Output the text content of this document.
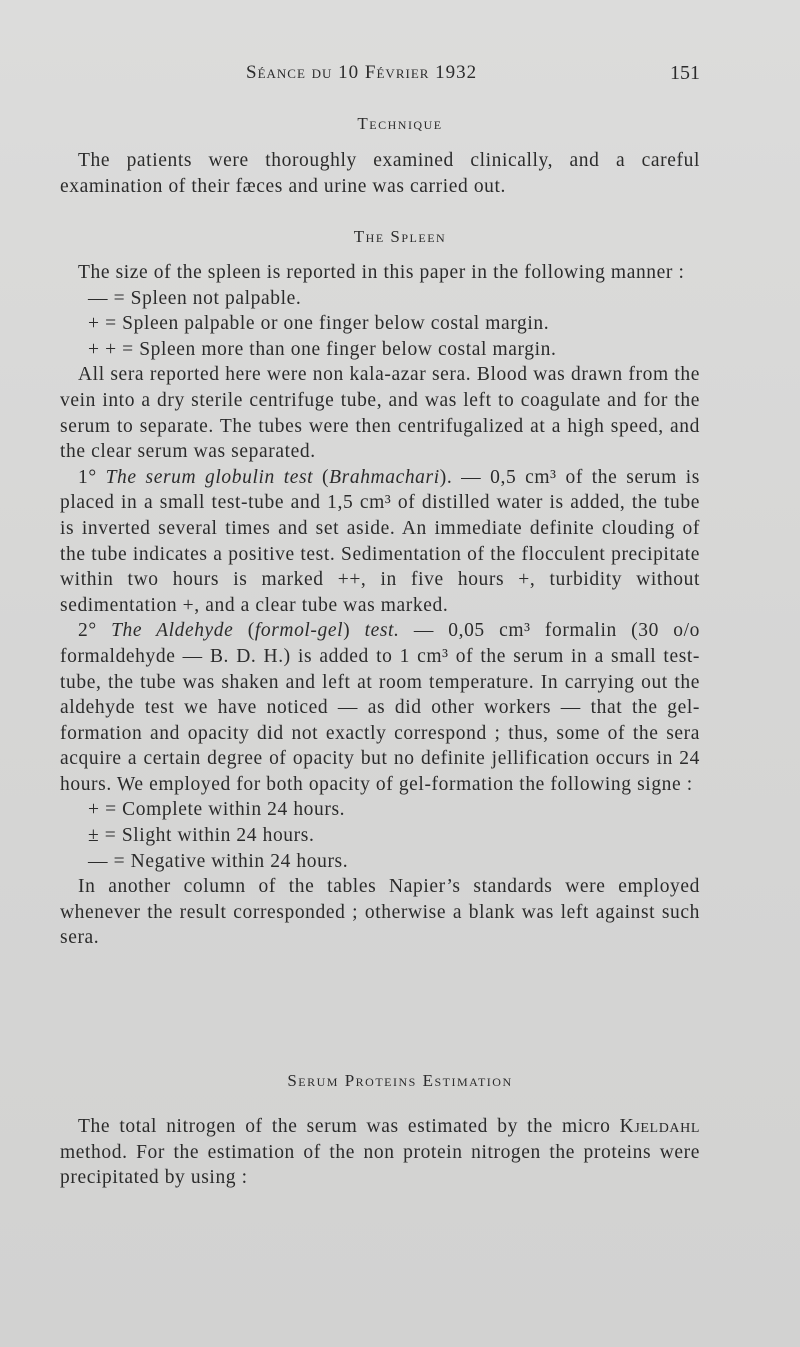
Séance du 10 Février 1932	151
Technique

The patients were thoroughly examined clinically, and a careful examination of their fæces and urine was carried out.

The Spleen

The size of the spleen is reported in this paper in the following manner :

— = Spleen not palpable.

+ = Spleen palpable or one finger below costal margin.

+ + = Spleen more than one finger below costal margin.

All sera reported here were non kala-azar sera. Blood was drawn from the vein into a dry sterile centrifuge tube, and was left to coagulate and for the serum to separate. The tubes were then centrifugalized at a high speed, and the clear serum was separated.

1° The serum globulin test (Brahmachari). — 0,5 cm³ of the serum is placed in a small test-tube and 1,5 cm³ of distilled water is added, the tube is inverted several times and set aside. An immediate definite clouding of the tube indicates a positive test. Sedimentation of the flocculent precipitate within two hours is marked ++, in five hours +, turbidity without sedimentation +, and a clear tube was marked.

2° The Aldehyde (formol-gel) test. — 0,05 cm³ formalin (30 o/o formaldehyde — B. D. H.) is added to 1 cm³ of the serum in a small test-tube, the tube was shaken and left at room temperature. In carrying out the aldehyde test we have noticed — as did other workers — that the gel-formation and opacity did not exactly correspond ; thus, some of the sera acquire a certain degree of opacity but no definite jellification occurs in 24 hours. We employed for both opacity of gel-formation the following signe :

+ = Complete within 24 hours.

± = Slight within 24 hours.

— = Negative within 24 hours.

In another column of the tables Napier’s standards were employed whenever the result corresponded ; otherwise a blank was left against such sera.

Serum Proteins Estimation

The total nitrogen of the serum was estimated by the micro Kjeldahl method. For the estimation of the non protein nitrogen the proteins were precipitated by using :
